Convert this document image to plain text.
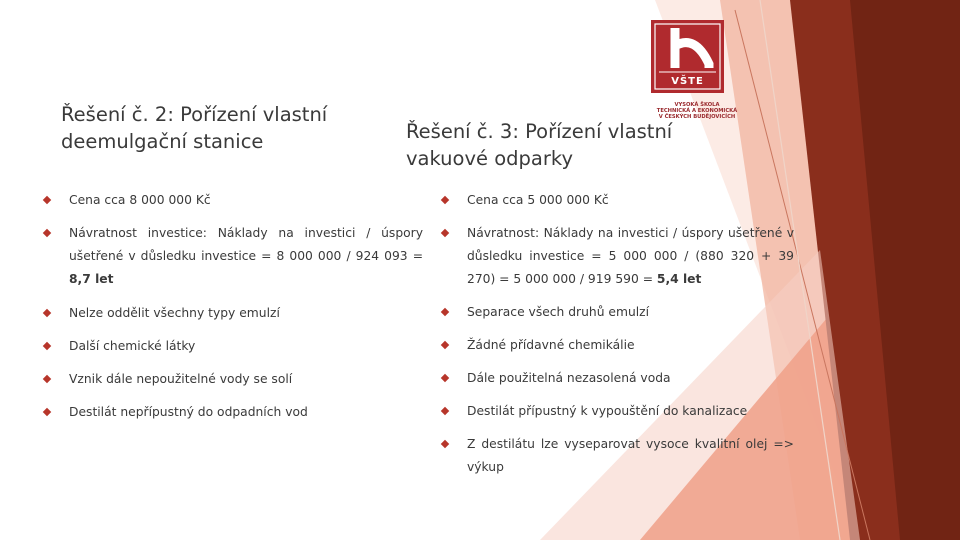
VŠTE
VYSOKÁ ŠKOLA
TECHNICKÁ A EKONOMICKÁ
V ČESKÝCH BUDĚJOVICÍCH
Řešení č. 2: Pořízení vlastní deemulgační stanice	Řešení č. 3: Pořízení vlastní vakuové odparky
Cena cca 8 000 000 Kč
Návratnost investice: Náklady na investici / úspory ušetřené v důsledku investice = 8 000 000 / 924 093 = 8,7 let
Nelze oddělit všechny typy emulzí
Další chemické látky
Vznik dále nepoužitelné vody se solí
Destilát nepřípustný do odpadních vod
Cena cca 5 000 000 Kč
Návratnost: Náklady na investici / úspory ušetřené v důsledku investice = 5 000 000 / (880 320 + 39 270) = 5 000 000 / 919 590 = 5,4 let
Separace všech druhů emulzí
Žádné přídavné chemikálie
Dále použitelná nezasolená voda
Destilát přípustný k vypouštění do kanalizace
Z destilátu lze vyseparovat vysoce kvalitní olej => výkup
